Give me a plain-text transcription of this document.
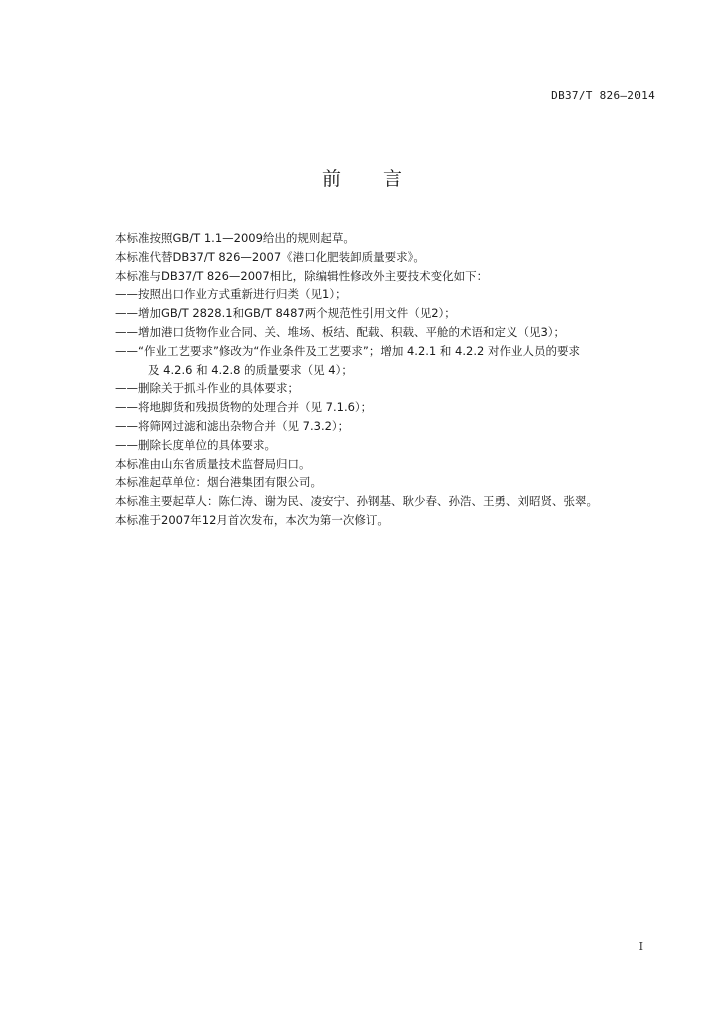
DB37/T 826—2014
前 言
本标准按照GB/T 1.1—2009给出的规则起草。
本标准代替DB37/T 826—2007《港口化肥装卸质量要求》。
本标准与DB37/T 826—2007相比，除编辑性修改外主要技术变化如下：
——按照出口作业方式重新进行归类（见1）；
——增加GB/T 2828.1和GB/T 8487两个规范性引用文件（见2）；
——增加港口货物作业合同、关、堆场、板结、配载、积载、平舱的术语和定义（见3）；
——“作业工艺要求”修改为“作业条件及工艺要求”；增加 4.2.1 和 4.2.2 对作业人员的要求
及 4.2.6 和 4.2.8 的质量要求（见 4）；
——删除关于抓斗作业的具体要求；
——将地脚货和残损货物的处理合并（见 7.1.6）；
——将筛网过滤和滤出杂物合并（见 7.3.2）；
——删除长度单位的具体要求。
本标准由山东省质量技术监督局归口。
本标准起草单位：烟台港集团有限公司。
本标准主要起草人：陈仁涛、谢为民、凌安宁、孙钢基、耿少春、孙浩、王勇、刘昭贤、张翠。
本标准于2007年12月首次发布，本次为第一次修订。
I
